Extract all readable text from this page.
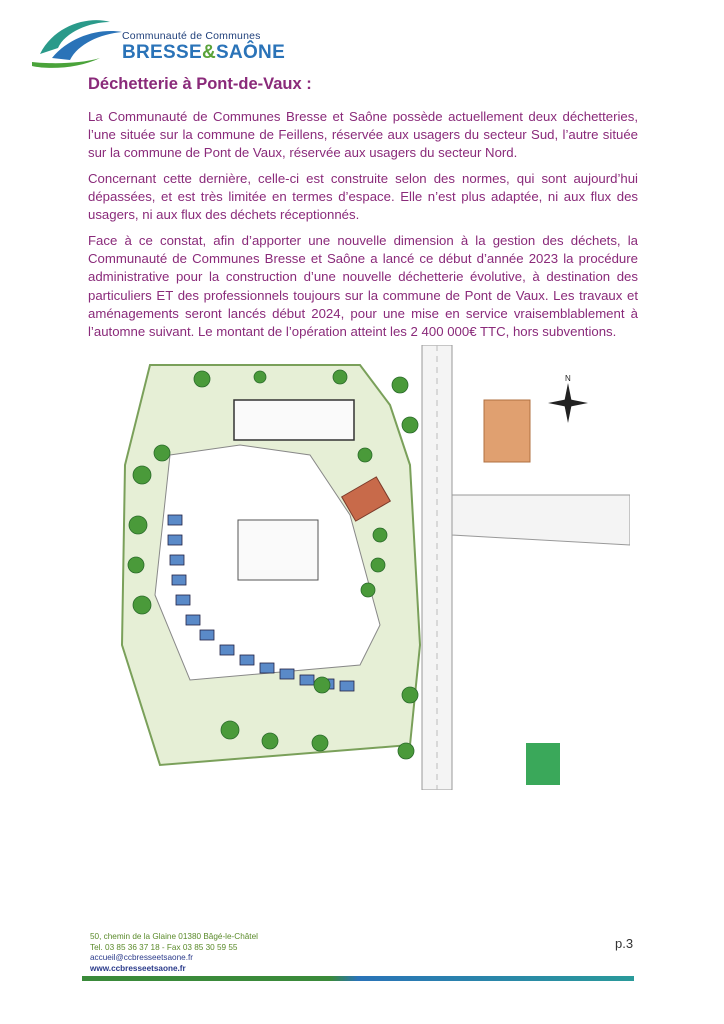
Communauté de Communes
BRESSE&SAÔNE
Déchetterie à Pont-de-Vaux :

La Communauté de Communes Bresse et Saône possède actuellement deux déchetteries, l’une située sur la commune de Feillens, réservée aux usagers du secteur Sud, l’autre située sur la commune de Pont de Vaux, réservée aux usagers du secteur Nord.

Concernant cette dernière, celle-ci est construite selon des normes, qui sont aujourd’hui dépassées, et est très limitée en termes d’espace. Elle n’est plus adaptée, ni aux flux des usagers, ni aux flux des déchets réceptionnés.

Face à ce constat, afin d’apporter une nouvelle dimension à la gestion des déchets, la Communauté de Communes Bresse et Saône a lancé ce début d’année 2023 la procédure administrative pour la construction d’une nouvelle déchetterie évolutive, à destination des particuliers ET des professionnels toujours sur la commune de Pont de Vaux. Les travaux et aménagements seront lancés début 2024, pour une mise en service vraisemblablement à l’automne suivant. Le montant de l’opération atteint les 2 400 000€ TTC, hors subventions.

N
50, chemin de la Glaine 01380 Bâgé-le-Châtel
Tel. 03 85 36 37 18 - Fax 03 85 30 59 55
accueil@ccbresseetsaone.fr
www.ccbresseetsaone.fr
p.3
